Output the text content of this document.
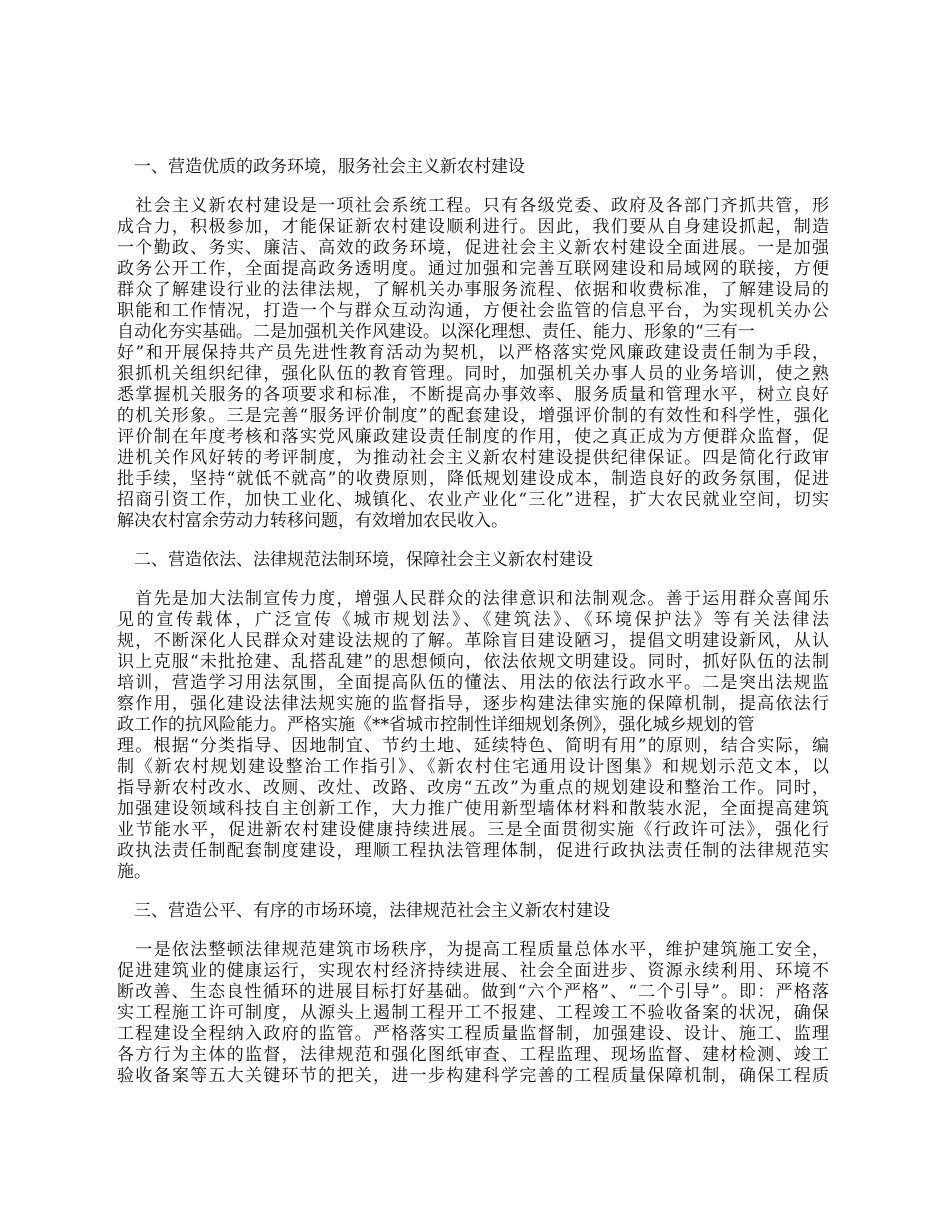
　一、营造优质的政务环境，服务社会主义新农村建设
　社会主义新农村建设是一项社会系统工程。只有各级党委、政府及各部门齐抓共管，形
成合力，积极参加，才能保证新农村建设顺利进行。因此，我们要从自身建设抓起，制造
一个勤政、务实、廉洁、高效的政务环境，促进社会主义新农村建设全面进展。一是加强
政务公开工作，全面提高政务透明度。通过加强和完善互联网建设和局域网的联接，方便
群众了解建设行业的法律法规，了解机关办事服务流程、依据和收费标准，了解建设局的
职能和工作情况，打造一个与群众互动沟通，方便社会监管的信息平台，为实现机关办公
自动化夯实基础。二是加强机关作风建设。以深化理想、责任、能力、形象的“三有一
好”和开展保持共产员先进性教育活动为契机，以严格落实党风廉政建设责任制为手段，
狠抓机关组织纪律，强化队伍的教育管理。同时，加强机关办事人员的业务培训，使之熟
悉掌握机关服务的各项要求和标准，不断提高办事效率、服务质量和管理水平，树立良好
的机关形象。三是完善“服务评价制度”的配套建设，增强评价制的有效性和科学性，强化
评价制在年度考核和落实党风廉政建设责任制度的作用，使之真正成为方便群众监督，促
进机关作风好转的考评制度，为推动社会主义新农村建设提供纪律保证。四是简化行政审
批手续，坚持“就低不就高”的收费原则，降低规划建设成本，制造良好的政务氛围，促进
招商引资工作，加快工业化、城镇化、农业产业化“三化”进程，扩大农民就业空间，切实
解决农村富余劳动力转移问题，有效增加农民收入。
　二、营造依法、法律规范法制环境，保障社会主义新农村建设
　首先是加大法制宣传力度，增强人民群众的法律意识和法制观念。善于运用群众喜闻乐
见的宣传载体，广泛宣传《城市规划法》、《建筑法》、《环境保护法》等有关法律法
规，不断深化人民群众对建设法规的了解。革除盲目建设陋习，提倡文明建设新风，从认
识上克服“未批抢建、乱搭乱建”的思想倾向，依法依规文明建设。同时，抓好队伍的法制
培训，营造学习用法氛围，全面提高队伍的懂法、用法的依法行政水平。二是突出法规监
察作用，强化建设法律法规实施的监督指导，逐步构建法律实施的保障机制，提高依法行
政工作的抗风险能力。严格实施《**省城市控制性详细规划条例》，强化城乡规划的管
理。根据“分类指导、因地制宜、节约土地、延续特色、简明有用”的原则，结合实际，编
制《新农村规划建设整治工作指引》、《新农村住宅通用设计图集》和规划示范文本，以
指导新农村改水、改厕、改灶、改路、改房“五改”为重点的规划建设和整治工作。同时，
加强建设领域科技自主创新工作，大力推广使用新型墙体材料和散装水泥，全面提高建筑
业节能水平，促进新农村建设健康持续进展。三是全面贯彻实施《行政许可法》，强化行
政执法责任制配套制度建设，理顺工程执法管理体制，促进行政执法责任制的法律规范实
施。
　三、营造公平、有序的市场环境，法律规范社会主义新农村建设
　一是依法整顿法律规范建筑市场秩序，为提高工程质量总体水平，维护建筑施工安全，
促进建筑业的健康运行，实现农村经济持续进展、社会全面进步、资源永续利用、环境不
断改善、生态良性循环的进展目标打好基础。做到“六个严格”、“二个引导”。即：严格落
实工程施工许可制度，从源头上遏制工程开工不报建、工程竣工不验收备案的状况，确保
工程建设全程纳入政府的监管。严格落实工程质量监督制，加强建设、设计、施工、监理
各方行为主体的监督，法律规范和强化图纸审查、工程监理、现场监督、建材检测、竣工
验收备案等五大关键环节的把关，进一步构建科学完善的工程质量保障机制，确保工程质
